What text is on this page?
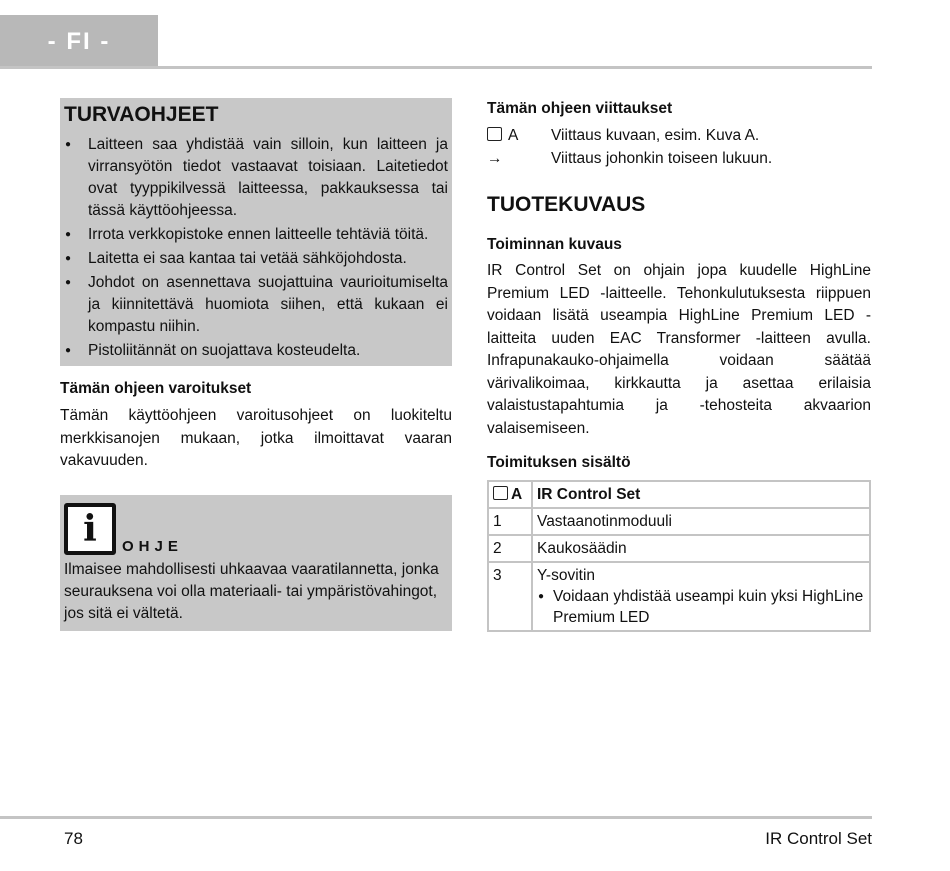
- FI -
TURVAOHJEET
● Laitteen saa yhdistää vain silloin, kun laitteen ja virransyötön tiedot vastaavat toisiaan. Laitetiedot ovat tyyppikilvessä laitteessa, pakkauksessa tai tässä käyttöohjeessa.
● Irrota verkkopistoke ennen laitteelle tehtäviä töitä.
● Laitetta ei saa kantaa tai vetää sähköjohdosta.
● Johdot on asennettava suojattuina vaurioitumiselta ja kiinnitettävä huomiota siihen, että kukaan ei kompastu niihin.
● Pistoliitännät on suojattava kosteudelta.
Tämän ohjeen varoitukset

Tämän käyttöohjeen varoitusohjeet on luokiteltu merkkisanojen mukaan, jotka ilmoittavat vaaran vakavuuden.

i OHJE
Ilmaisee mahdollisesti uhkaavaa vaaratilannetta, jonka seurauksena voi olla materiaali- tai ympäristövahingot, jos sitä ei vältetä.
Tämän ohjeen viittaukset
A	Viittaus kuvaan, esim. Kuva A.
→	Viittaus johonkin toiseen lukuun.
TUOTEKUVAUS
Toiminnan kuvaus

IR Control Set on ohjain jopa kuudelle HighLine Premium LED -laitteelle. Tehonkulutuksesta riippuen voidaan lisätä useampia HighLine Premium LED -laitteita uuden EAC Transformer -laitteen avulla. Infrapunakauko-ohjaimella voidaan säätää värivalikoimaa, kirkkautta ja asettaa erilaisia valaistustapahtumia ja -tehosteita akvaarion valaisemiseen.

Toimituksen sisältö
A	IR Control Set
1	Vastaanotinmoduuli
2	Kaukosäädin
3	Y-sovitin
● Voidaan yhdistää useampi kuin yksi HighLine Premium LED
78	IR Control Set
